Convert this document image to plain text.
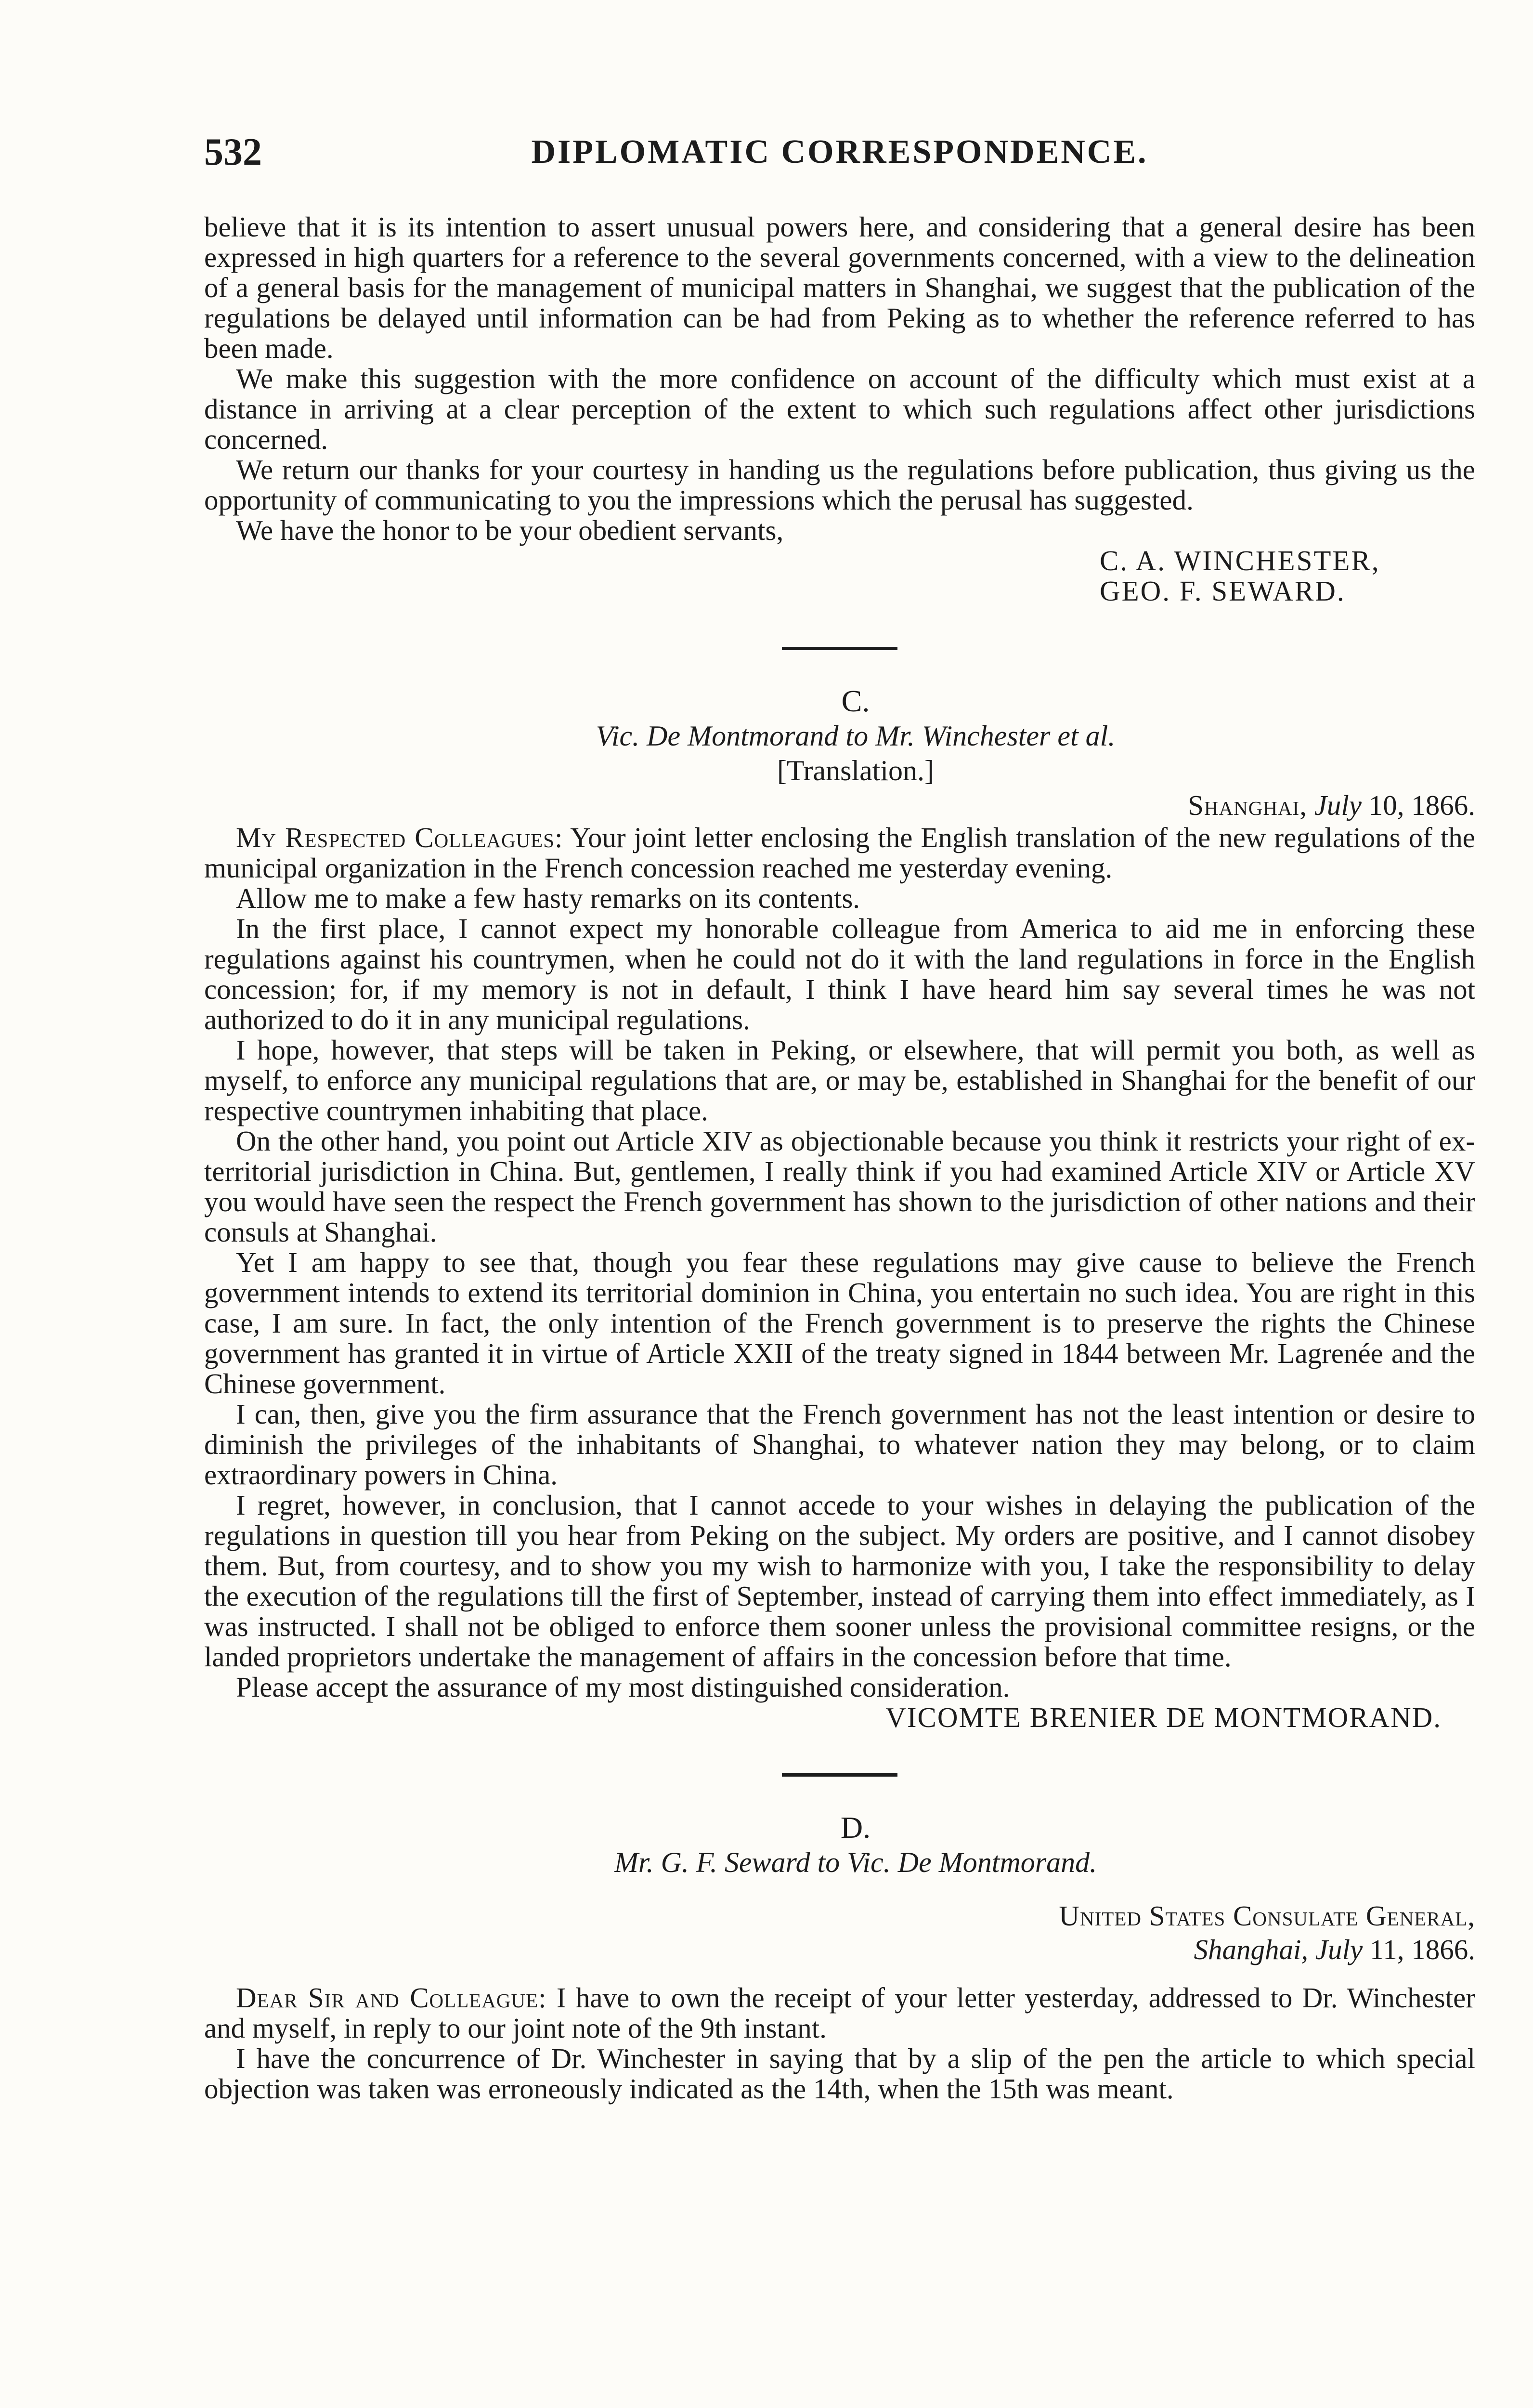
532	DIPLOMATIC CORRESPONDENCE.

believe that it is its intention to assert unusual powers here, and considering that a general desire has been expressed in high quarters for a reference to the several governments concerned, with a view to the delineation of a general basis for the management of municipal matters in Shanghai, we suggest that the publication of the regulations be delayed until information can be had from Peking as to whether the reference referred to has been made.

We make this suggestion with the more confidence on account of the difficulty which must exist at a distance in arriving at a clear perception of the extent to which such regulations affect other jurisdictions concerned.

We return our thanks for your courtesy in handing us the regulations before publication, thus giving us the opportunity of communicating to you the impressions which the perusal has suggested.

We have the honor to be your obedient servants,

C. A. WINCHESTER,
GEO. F. SEWARD.

C.

Vic. De Montmorand to Mr. Winchester et al.

[Translation.]

Shanghai, July 10, 1866.

My Respected Colleagues: Your joint letter enclosing the English translation of the new regulations of the municipal organization in the French concession reached me yesterday evening.

Allow me to make a few hasty remarks on its contents.

In the first place, I cannot expect my honorable colleague from America to aid me in enforcing these regulations against his countrymen, when he could not do it with the land regulations in force in the English concession; for, if my memory is not in default, I think I have heard him say several times he was not authorized to do it in any municipal regulations.

I hope, however, that steps will be taken in Peking, or elsewhere, that will permit you both, as well as myself, to enforce any municipal regulations that are, or may be, established in Shanghai for the benefit of our respective countrymen inhabiting that place.

On the other hand, you point out Article XIV as objectionable because you think it restricts your right of ex-territorial jurisdiction in China. But, gentlemen, I really think if you had examined Article XIV or Article XV you would have seen the respect the French government has shown to the jurisdiction of other nations and their consuls at Shanghai.

Yet I am happy to see that, though you fear these regulations may give cause to believe the French government intends to extend its territorial dominion in China, you entertain no such idea. You are right in this case, I am sure. In fact, the only intention of the French government is to preserve the rights the Chinese government has granted it in virtue of Article XXII of the treaty signed in 1844 between Mr. Lagrenée and the Chinese government.

I can, then, give you the firm assurance that the French government has not the least intention or desire to diminish the privileges of the inhabitants of Shanghai, to whatever nation they may belong, or to claim extraordinary powers in China.

I regret, however, in conclusion, that I cannot accede to your wishes in delaying the publication of the regulations in question till you hear from Peking on the subject. My orders are positive, and I cannot disobey them. But, from courtesy, and to show you my wish to harmonize with you, I take the responsibility to delay the execution of the regulations till the first of September, instead of carrying them into effect immediately, as I was instructed. I shall not be obliged to enforce them sooner unless the provisional committee resigns, or the landed proprietors undertake the management of affairs in the concession before that time.

Please accept the assurance of my most distinguished consideration.

VICOMTE BRENIER DE MONTMORAND.

D.

Mr. G. F. Seward to Vic. De Montmorand.

United States Consulate General,
Shanghai, July 11, 1866.

Dear Sir and Colleague: I have to own the receipt of your letter yesterday, addressed to Dr. Winchester and myself, in reply to our joint note of the 9th instant.

I have the concurrence of Dr. Winchester in saying that by a slip of the pen the article to which special objection was taken was erroneously indicated as the 14th, when the 15th was meant.
